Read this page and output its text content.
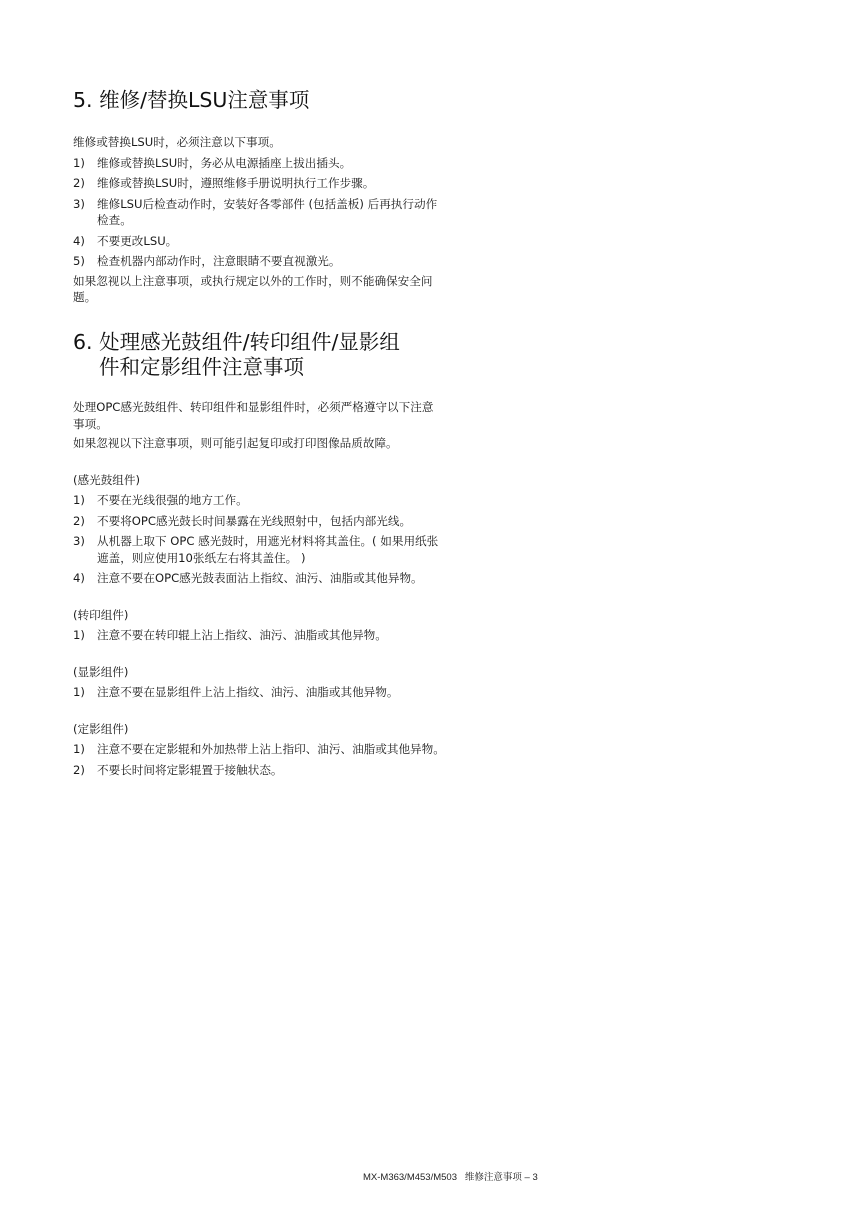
5. 维修/替换LSU注意事项

维修或替换LSU时，必须注意以下事项。

1) 维修或替换LSU时，务必从电源插座上拔出插头。
2) 维修或替换LSU时，遵照维修手册说明执行工作步骤。
3) 维修LSU后检查动作时，安装好各零部件 (包括盖板) 后再执行动作检查。
4) 不要更改LSU。
5) 检查机器内部动作时，注意眼睛不要直视激光。

如果忽视以上注意事项，或执行规定以外的工作时，则不能确保安全问题。

6. 处理感光鼓组件/转印组件/显影组
件和定影组件注意事项

处理OPC感光鼓组件、转印组件和显影组件时，必须严格遵守以下注意事项。

如果忽视以下注意事项，则可能引起复印或打印图像品质故障。

(感光鼓组件)

1) 不要在光线很强的地方工作。
2) 不要将OPC感光鼓长时间暴露在光线照射中，包括内部光线。
3) 从机器上取下 OPC 感光鼓时，用遮光材料将其盖住。( 如果用纸张遮盖，则应使用10张纸左右将其盖住。 )
4) 注意不要在OPC感光鼓表面沾上指纹、油污、油脂或其他异物。

(转印组件)

1) 注意不要在转印辊上沾上指纹、油污、油脂或其他异物。

(显影组件)

1) 注意不要在显影组件上沾上指纹、油污、油脂或其他异物。

(定影组件)

1) 注意不要在定影辊和外加热带上沾上指印、油污、油脂或其他异物。
2) 不要长时间将定影辊置于接触状态。
MX-M363/M453/M503 维修注意事项 – 3
